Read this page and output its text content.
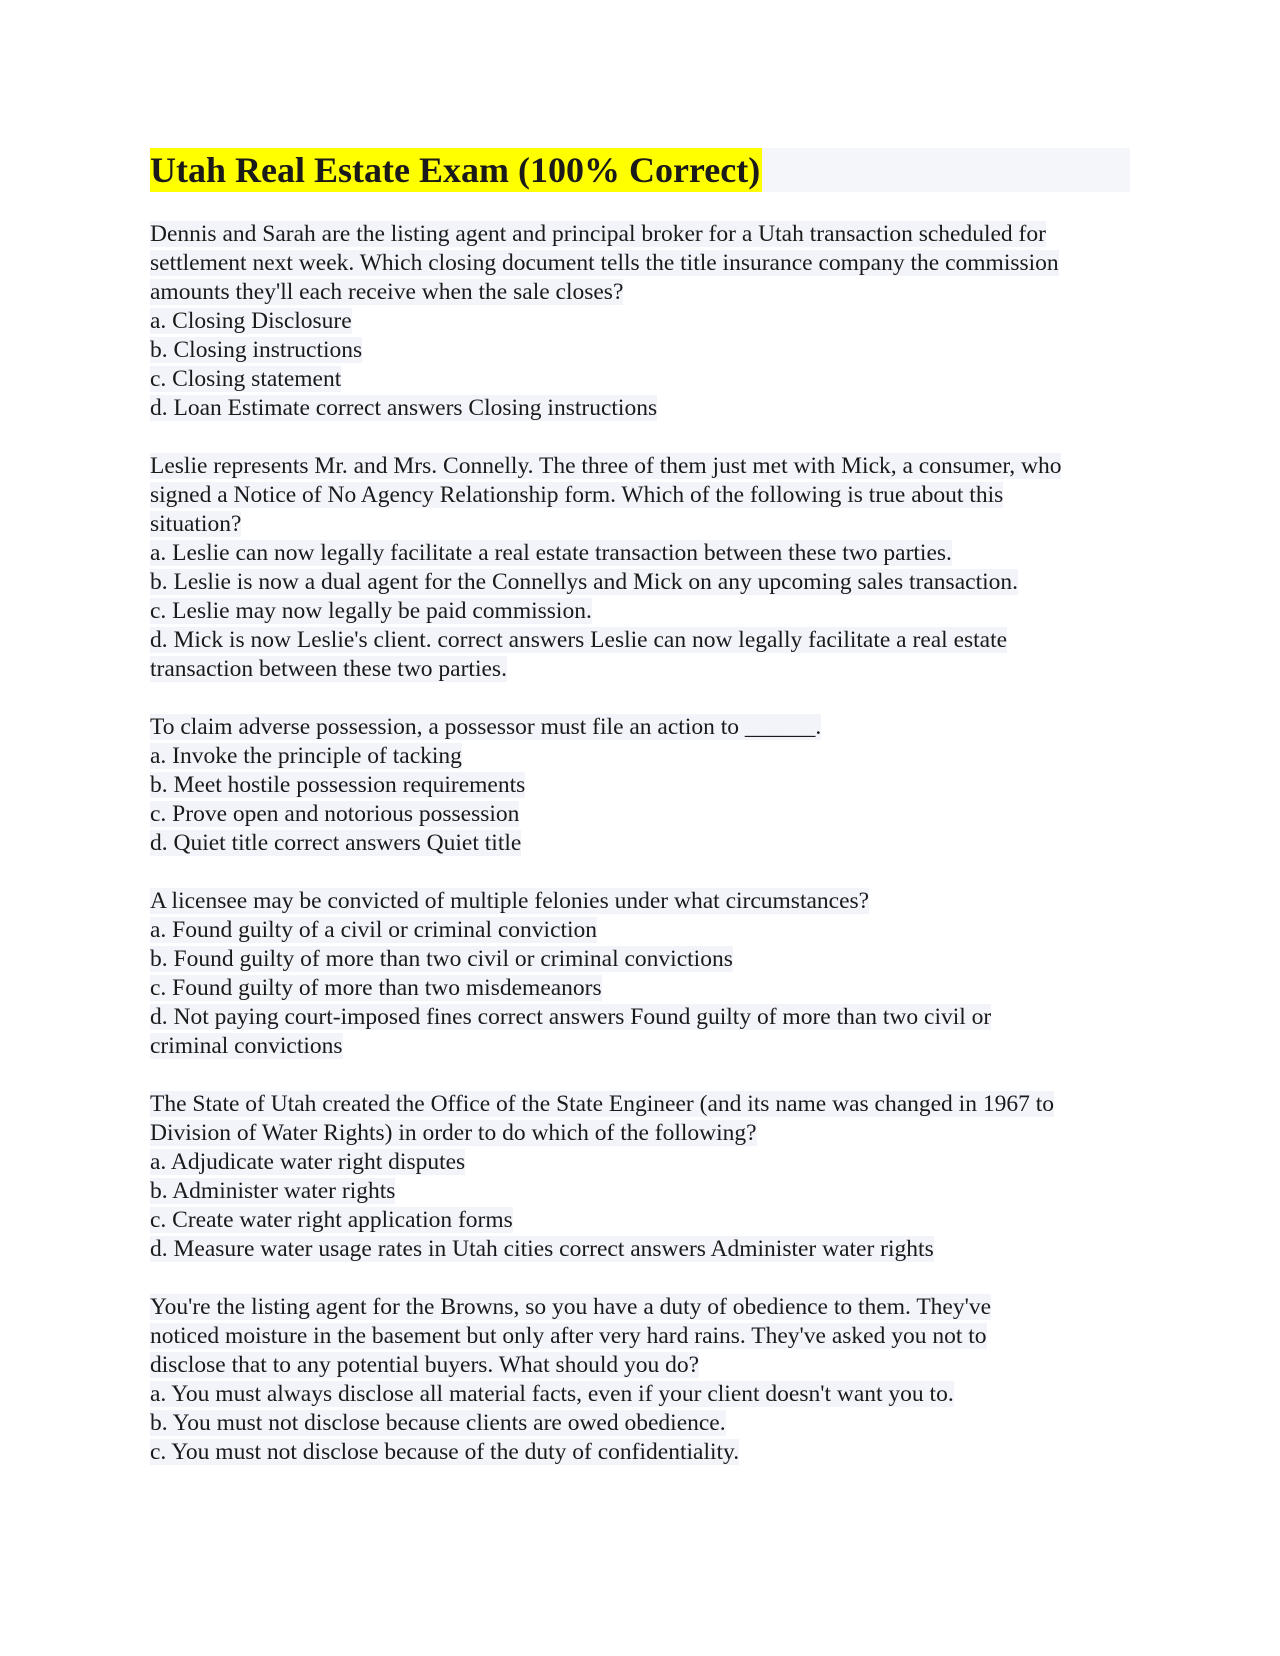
Utah Real Estate Exam (100% Correct)
Dennis and Sarah are the listing agent and principal broker for a Utah transaction scheduled for
settlement next week. Which closing document tells the title insurance company the commission
amounts they'll each receive when the sale closes?
a. Closing Disclosure
b. Closing instructions
c. Closing statement
d. Loan Estimate correct answers Closing instructions
Leslie represents Mr. and Mrs. Connelly. The three of them just met with Mick, a consumer, who
signed a Notice of No Agency Relationship form. Which of the following is true about this
situation?
a. Leslie can now legally facilitate a real estate transaction between these two parties.
b. Leslie is now a dual agent for the Connellys and Mick on any upcoming sales transaction.
c. Leslie may now legally be paid commission.
d. Mick is now Leslie's client. correct answers Leslie can now legally facilitate a real estate
transaction between these two parties.
To claim adverse possession, a possessor must file an action to ______.
a. Invoke the principle of tacking
b. Meet hostile possession requirements
c. Prove open and notorious possession
d. Quiet title correct answers Quiet title
A licensee may be convicted of multiple felonies under what circumstances?
a. Found guilty of a civil or criminal conviction
b. Found guilty of more than two civil or criminal convictions
c. Found guilty of more than two misdemeanors
d. Not paying court-imposed fines correct answers Found guilty of more than two civil or
criminal convictions
The State of Utah created the Office of the State Engineer (and its name was changed in 1967 to
Division of Water Rights) in order to do which of the following?
a. Adjudicate water right disputes
b. Administer water rights
c. Create water right application forms
d. Measure water usage rates in Utah cities correct answers Administer water rights
You're the listing agent for the Browns, so you have a duty of obedience to them. They've
noticed moisture in the basement but only after very hard rains. They've asked you not to
disclose that to any potential buyers. What should you do?
a. You must always disclose all material facts, even if your client doesn't want you to.
b. You must not disclose because clients are owed obedience.
c. You must not disclose because of the duty of confidentiality.
